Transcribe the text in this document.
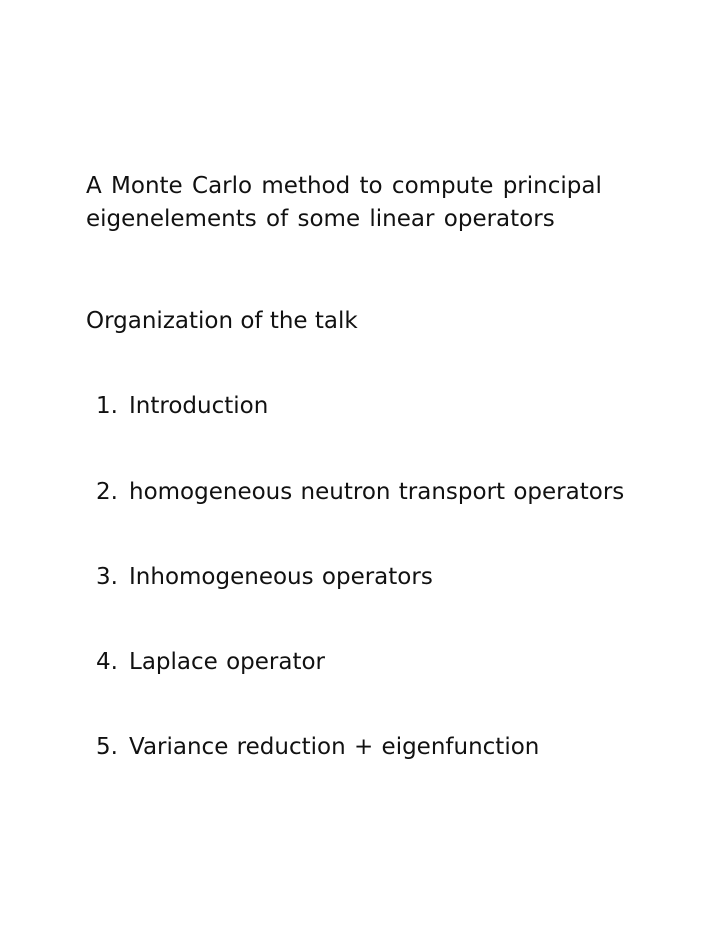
A Monte Carlo method to compute principal
eigenelements of some linear operators
Organization of the talk
1. Introduction
2. homogeneous neutron transport operators
3. Inhomogeneous operators
4. Laplace operator
5. Variance reduction + eigenfunction
